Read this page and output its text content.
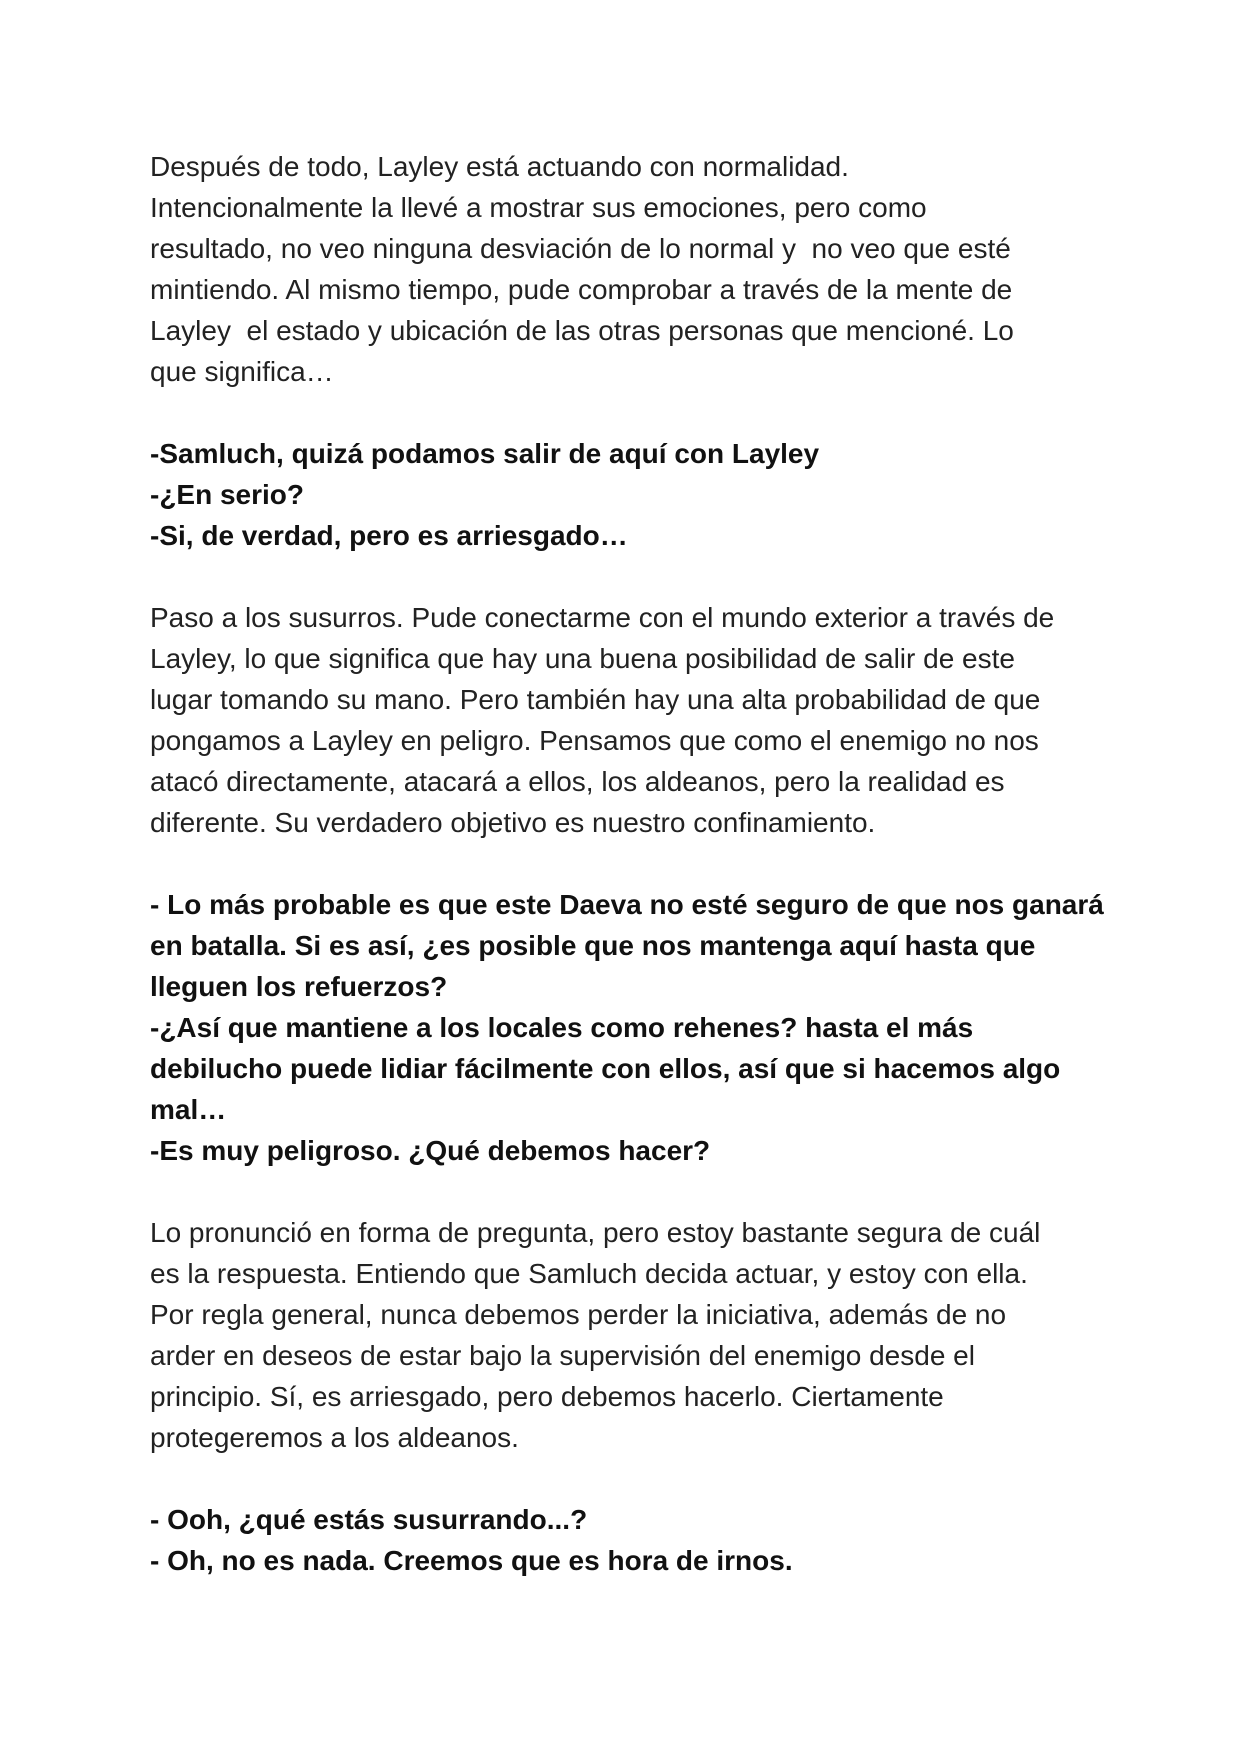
Después de todo, Layley está actuando con normalidad.
Intencionalmente la llevé a mostrar sus emociones, pero como
resultado, no veo ninguna desviación de lo normal y  no veo que esté
mintiendo. Al mismo tiempo, pude comprobar a través de la mente de
Layley  el estado y ubicación de las otras personas que mencioné. Lo
que significa…
-Samluch, quizá podamos salir de aquí con Layley
-¿En serio?
-Si, de verdad, pero es arriesgado…
Paso a los susurros. Pude conectarme con el mundo exterior a través de
Layley, lo que significa que hay una buena posibilidad de salir de este
lugar tomando su mano. Pero también hay una alta probabilidad de que
pongamos a Layley en peligro. Pensamos que como el enemigo no nos
atacó directamente, atacará a ellos, los aldeanos, pero la realidad es
diferente. Su verdadero objetivo es nuestro confinamiento.
- Lo más probable es que este Daeva no esté seguro de que nos ganará
en batalla. Si es así, ¿es posible que nos mantenga aquí hasta que
lleguen los refuerzos?
-¿Así que mantiene a los locales como rehenes? hasta el más
debilucho puede lidiar fácilmente con ellos, así que si hacemos algo
mal…
-Es muy peligroso. ¿Qué debemos hacer?
Lo pronunció en forma de pregunta, pero estoy bastante segura de cuál
es la respuesta. Entiendo que Samluch decida actuar, y estoy con ella.
Por regla general, nunca debemos perder la iniciativa, además de no
arder en deseos de estar bajo la supervisión del enemigo desde el
principio. Sí, es arriesgado, pero debemos hacerlo. Ciertamente
protegeremos a los aldeanos.
- Ooh, ¿qué estás susurrando...?
- Oh, no es nada. Creemos que es hora de irnos.
